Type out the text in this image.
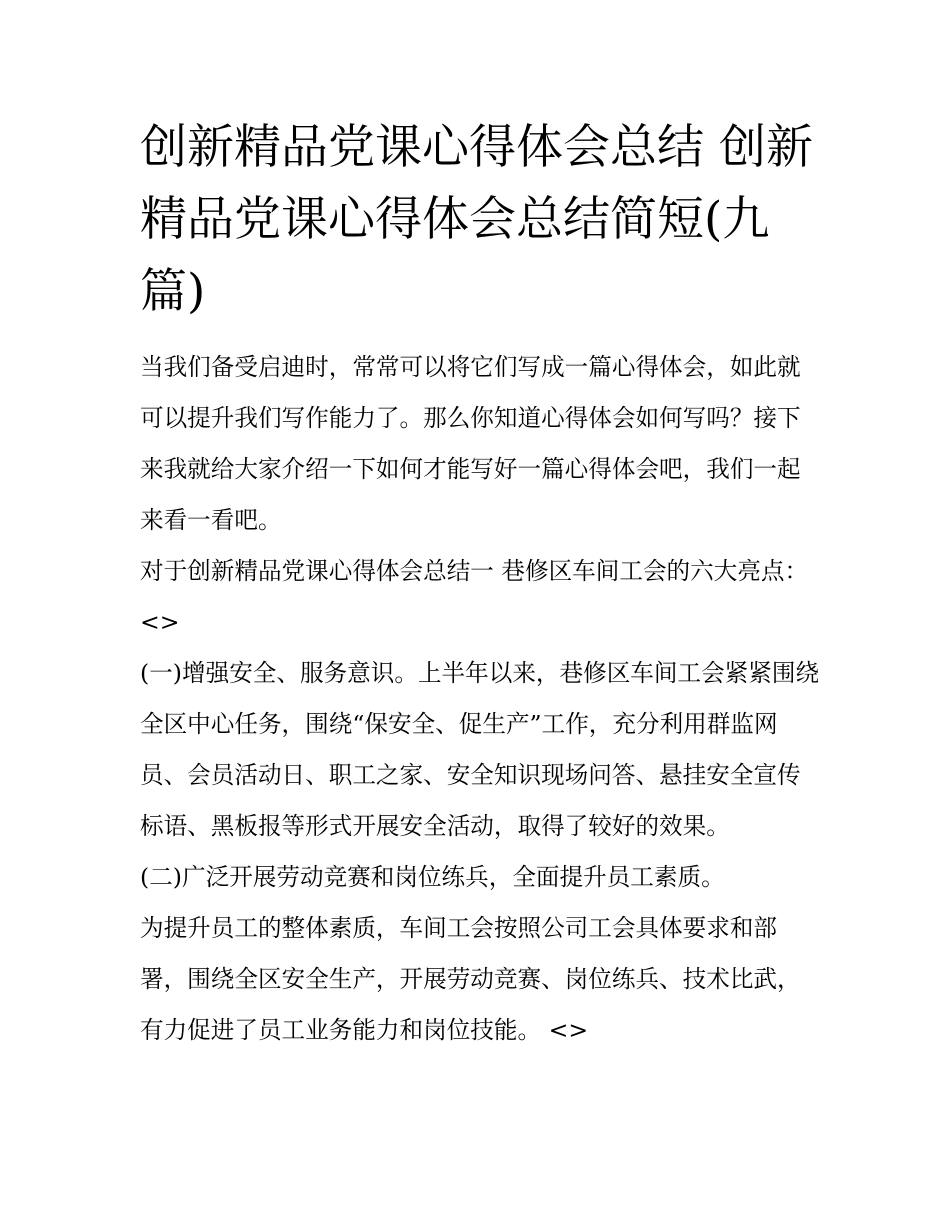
创新精品党课心得体会总结 创新精品党课心得体会总结简短(九篇)

当我们备受启迪时，常常可以将它们写成一篇心得体会，如此就可以提升我们写作能力了。那么你知道心得体会如何写吗？接下来我就给大家介绍一下如何才能写好一篇心得体会吧，我们一起来看一看吧。

对于创新精品党课心得体会总结一 巷修区车间工会的六大亮点： <>

(一)增强安全、服务意识。上半年以来，巷修区车间工会紧紧围绕全区中心任务，围绕“保安全、促生产”工作，充分利用群监网员、会员活动日、职工之家、安全知识现场问答、悬挂安全宣传标语、黑板报等形式开展安全活动，取得了较好的效果。

(二)广泛开展劳动竞赛和岗位练兵，全面提升员工素质。

为提升员工的整体素质，车间工会按照公司工会具体要求和部署，围绕全区安全生产，开展劳动竞赛、岗位练兵、技术比武，有力促进了员工业务能力和岗位技能。 <>
